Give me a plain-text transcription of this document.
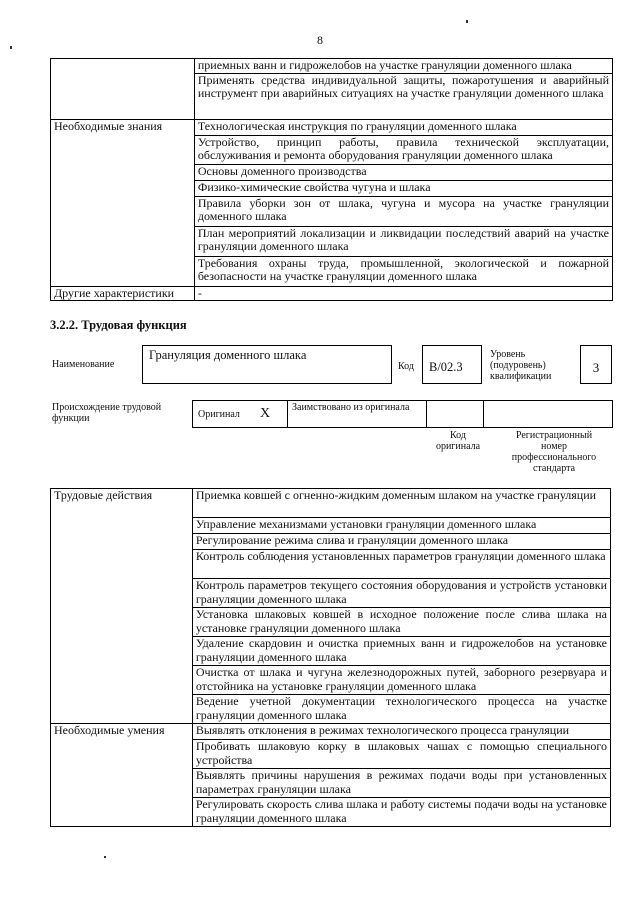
8
	приемных ванн и гидрожелобов на участке грануляции доменного шлака
	Применять средства индивидуальной защиты, пожаротушения и аварийный инструмент при аварийных ситуациях на участке грануляции доменного шлака
Необходимые знания	Технологическая инструкция по грануляции доменного шлака
	Устройство, принцип работы, правила технической эксплуатации, обслуживания и ремонта оборудования грануляции доменного шлака
	Основы доменного производства
	Физико-химические свойства чугуна и шлака
	Правила уборки зон от шлака, чугуна и мусора на участке грануляции доменного шлака
	План мероприятий локализации и ликвидации последствий аварий на участке грануляции доменного шлака
	Требования охраны труда, промышленной, экологической и пожарной безопасности на участке грануляции доменного шлака
Другие характеристики	-
3.2.2. Трудовая функция
Наименование
Грануляция доменного шлака
Код B/02.3
Уровень (подуровень) квалификации
3
Происхождение трудовой функции	Оригинал X Заимствовано из оригинала
Код оригинала
Регистрационный номер профессионального стандарта
Трудовые действия	Приемка ковшей с огненно-жидким доменным шлаком на участке грануляции
	Управление механизмами установки грануляции доменного шлака
	Регулирование режима слива и грануляции доменного шлака
	Контроль соблюдения установленных параметров грануляции доменного шлака
	Контроль параметров текущего состояния оборудования и устройств установки грануляции доменного шлака
	Установка шлаковых ковшей в исходное положение после слива шлака на установке грануляции доменного шлака
	Удаление скардовин и очистка приемных ванн и гидрожелобов на установке грануляции доменного шлака
	Очистка от шлака и чугуна железнодорожных путей, заборного резервуара и отстойника на установке грануляции доменного шлака
	Ведение учетной документации технологического процесса на участке грануляции доменного шлака
Необходимые умения	Выявлять отклонения в режимах технологического процесса грануляции
	Пробивать шлаковую корку в шлаковых чашах с помощью специального устройства
	Выявлять причины нарушения в режимах подачи воды при установленных параметрах грануляции шлака
	Регулировать скорость слива шлака и работу системы подачи воды на установке грануляции доменного шлака
